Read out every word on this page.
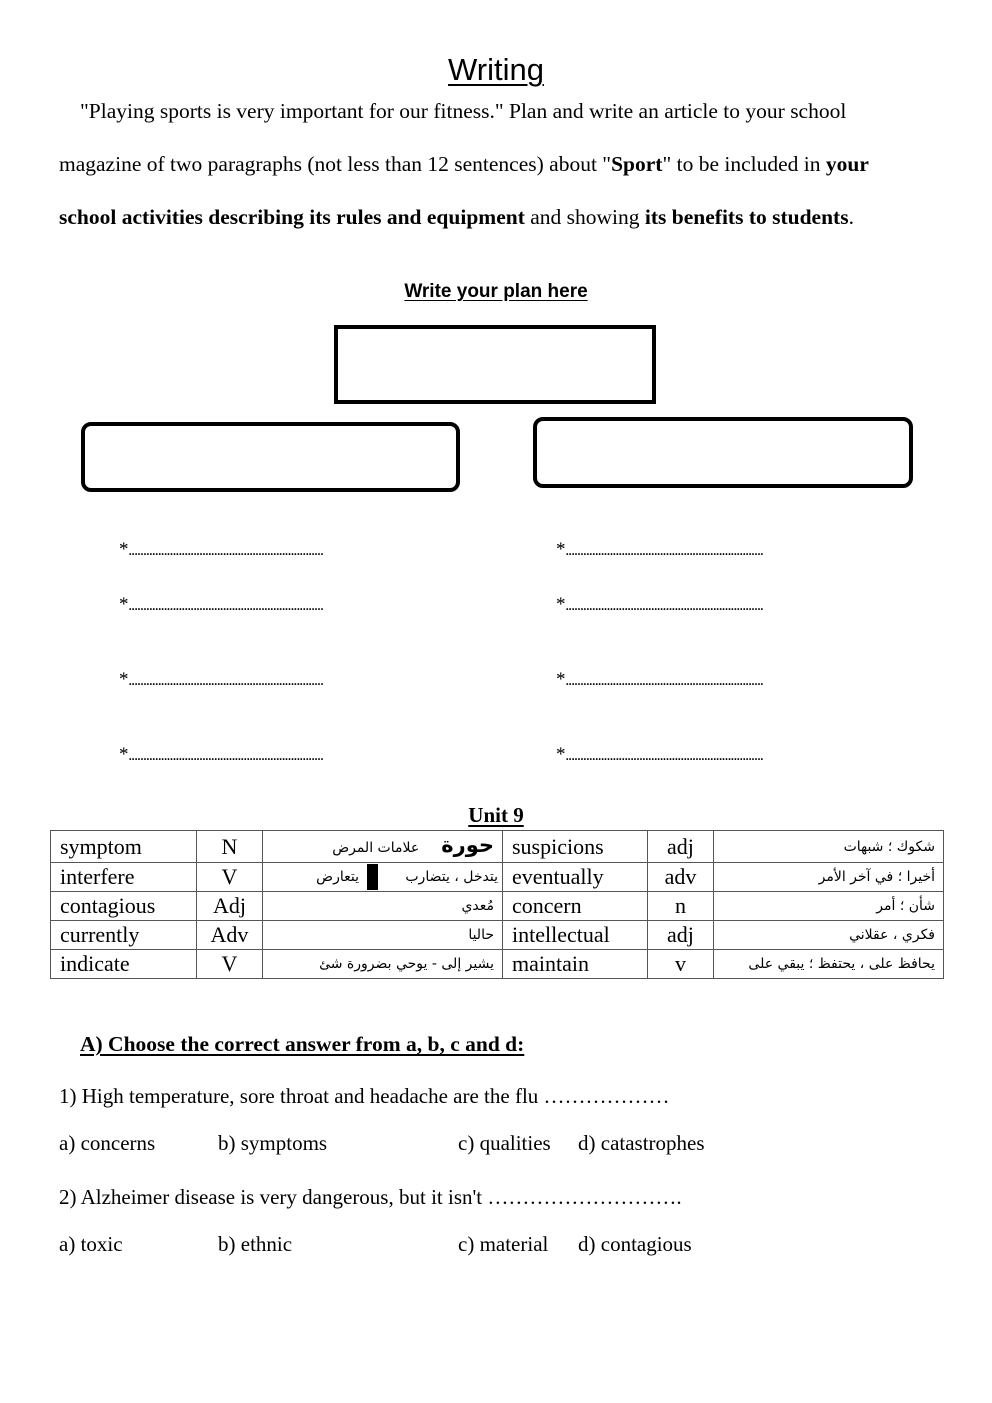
Writing
"Playing sports is very important for our fitness." Plan and write an article to your school
magazine of two paragraphs (not less than 12 sentences) about "Sport" to be included in your
school activities describing its rules and equipment and showing its benefits to students.
Write your plan here
*..................................................................
*..................................................................
*..................................................................
*..................................................................
*...................................................................
*...................................................................
*...................................................................
*...................................................................
Unit 9
symptom	N	حورةعلامات المرض	suspicions	adj	شكوك ؛ شبهات
interfere	V	يتعارض يتدخل ، يتضارب	eventually	adv	أخيرا ؛ في آخر الأمر
contagious	Adj	مُعدي	concern	n	شأن ؛ أمر
currently	Adv	حاليا	intellectual	adj	فكري ، عقلاني
indicate	V	يشير إلى - يوحي بضرورة شئ	maintain	v	يحافظ على ، يحتفظ ؛ يبقي على
A) Choose the correct answer from a, b, c and d:
1) High temperature, sore throat and headache are the flu ………………
a) concerns	b) symptoms	c) qualities d) catastrophes
2) Alzheimer disease is very dangerous, but it isn't ……………………….
a) toxic	b) ethnic	c) material d) contagious
